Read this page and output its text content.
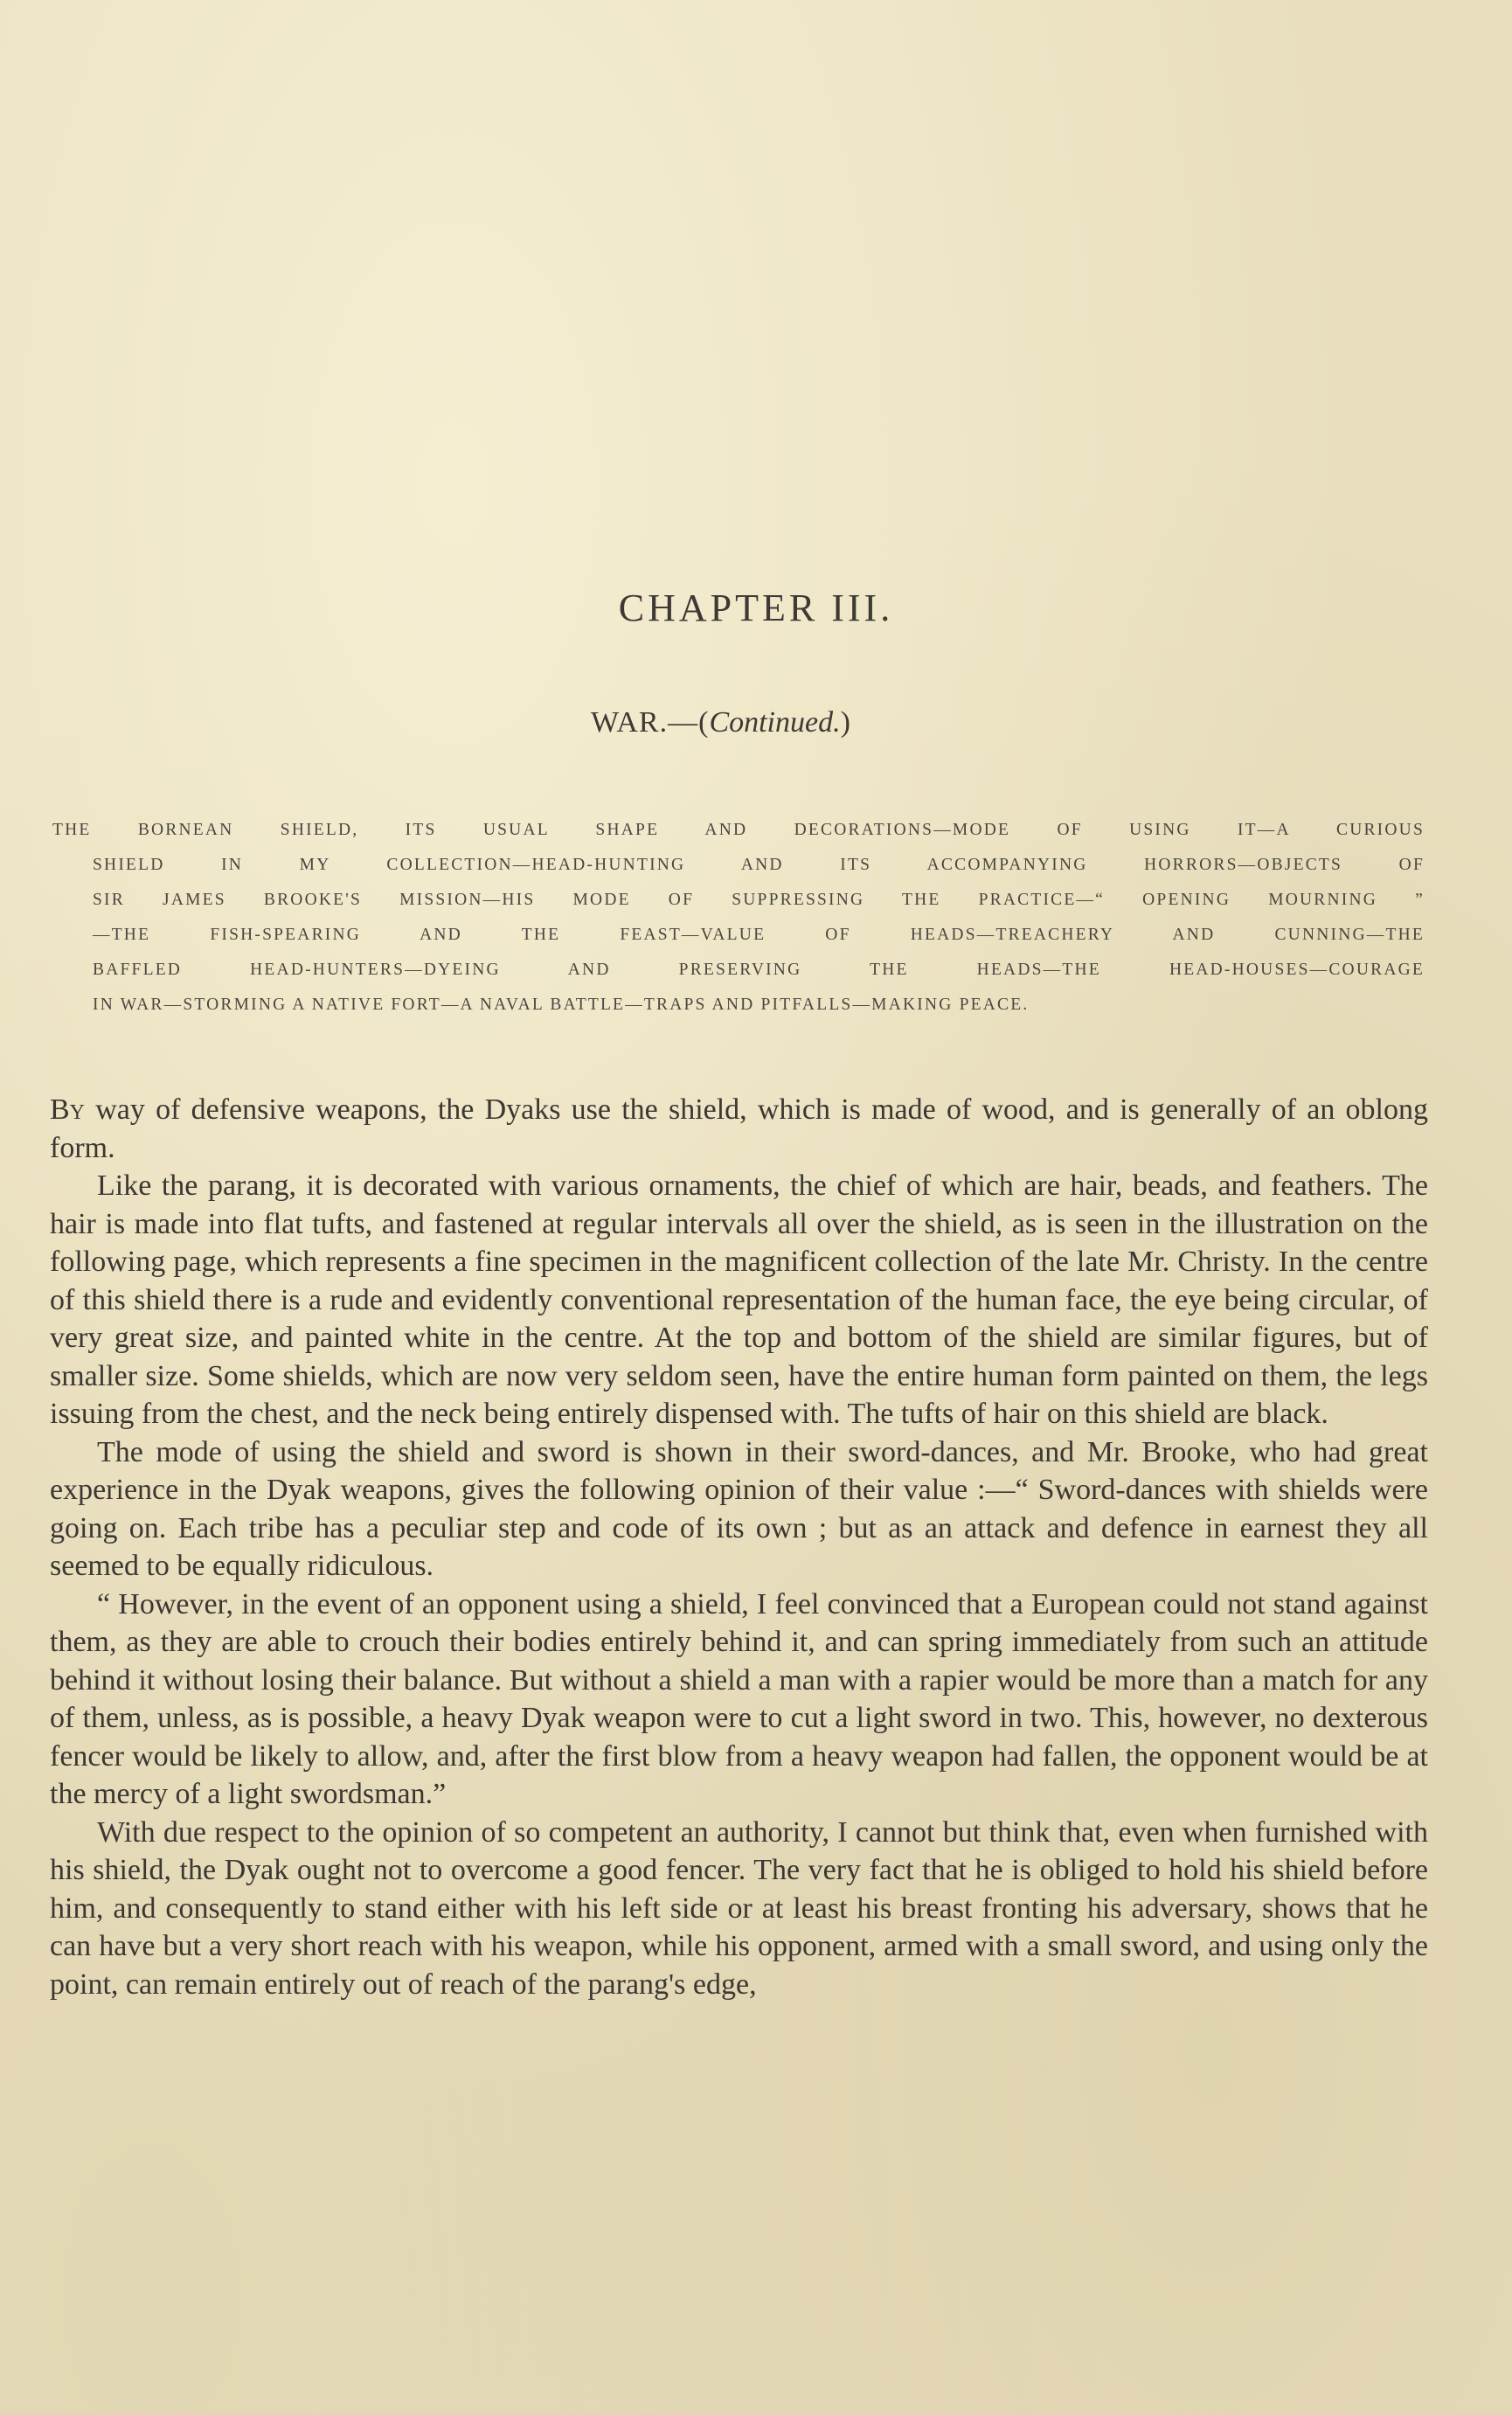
CHAPTER III.
WAR.—(Continued.)
THE BORNEAN SHIELD, ITS USUAL SHAPE AND DECORATIONS—MODE OF USING IT—A CURIOUS
SHIELD IN MY COLLECTION—HEAD-HUNTING AND ITS ACCOMPANYING HORRORS—OBJECTS OF
SIR JAMES BROOKE'S MISSION—HIS MODE OF SUPPRESSING THE PRACTICE—“ OPENING MOURNING ”
—THE FISH-SPEARING AND THE FEAST—VALUE OF HEADS—TREACHERY AND CUNNING—THE
BAFFLED HEAD-HUNTERS—DYEING AND PRESERVING THE HEADS—THE HEAD-HOUSES—COURAGE
IN WAR—STORMING A NATIVE FORT—A NAVAL BATTLE—TRAPS AND PITFALLS—MAKING PEACE.

By way of defensive weapons, the Dyaks use the shield, which is made of wood, and is generally of an oblong form.

Like the parang, it is decorated with various ornaments, the chief of which are hair, beads, and feathers. The hair is made into flat tufts, and fastened at regular intervals all over the shield, as is seen in the illustration on the following page, which represents a fine specimen in the magnificent collection of the late Mr. Christy. In the centre of this shield there is a rude and evidently conventional representation of the human face, the eye being circular, of very great size, and painted white in the centre. At the top and bottom of the shield are similar figures, but of smaller size. Some shields, which are now very seldom seen, have the entire human form painted on them, the legs issuing from the chest, and the neck being entirely dispensed with. The tufts of hair on this shield are black.

The mode of using the shield and sword is shown in their sword-dances, and Mr. Brooke, who had great experience in the Dyak weapons, gives the following opinion of their value :—“ Sword-dances with shields were going on. Each tribe has a peculiar step and code of its own ; but as an attack and defence in earnest they all seemed to be equally ridiculous.

“ However, in the event of an opponent using a shield, I feel convinced that a European could not stand against them, as they are able to crouch their bodies entirely behind it, and can spring immediately from such an attitude behind it without losing their balance. But without a shield a man with a rapier would be more than a match for any of them, unless, as is possible, a heavy Dyak weapon were to cut a light sword in two. This, however, no dexterous fencer would be likely to allow, and, after the first blow from a heavy weapon had fallen, the opponent would be at the mercy of a light swordsman.”

With due respect to the opinion of so competent an authority, I cannot but think that, even when furnished with his shield, the Dyak ought not to overcome a good fencer. The very fact that he is obliged to hold his shield before him, and consequently to stand either with his left side or at least his breast fronting his adversary, shows that he can have but a very short reach with his weapon, while his opponent, armed with a small sword, and using only the point, can remain entirely out of reach of the parang's edge,
